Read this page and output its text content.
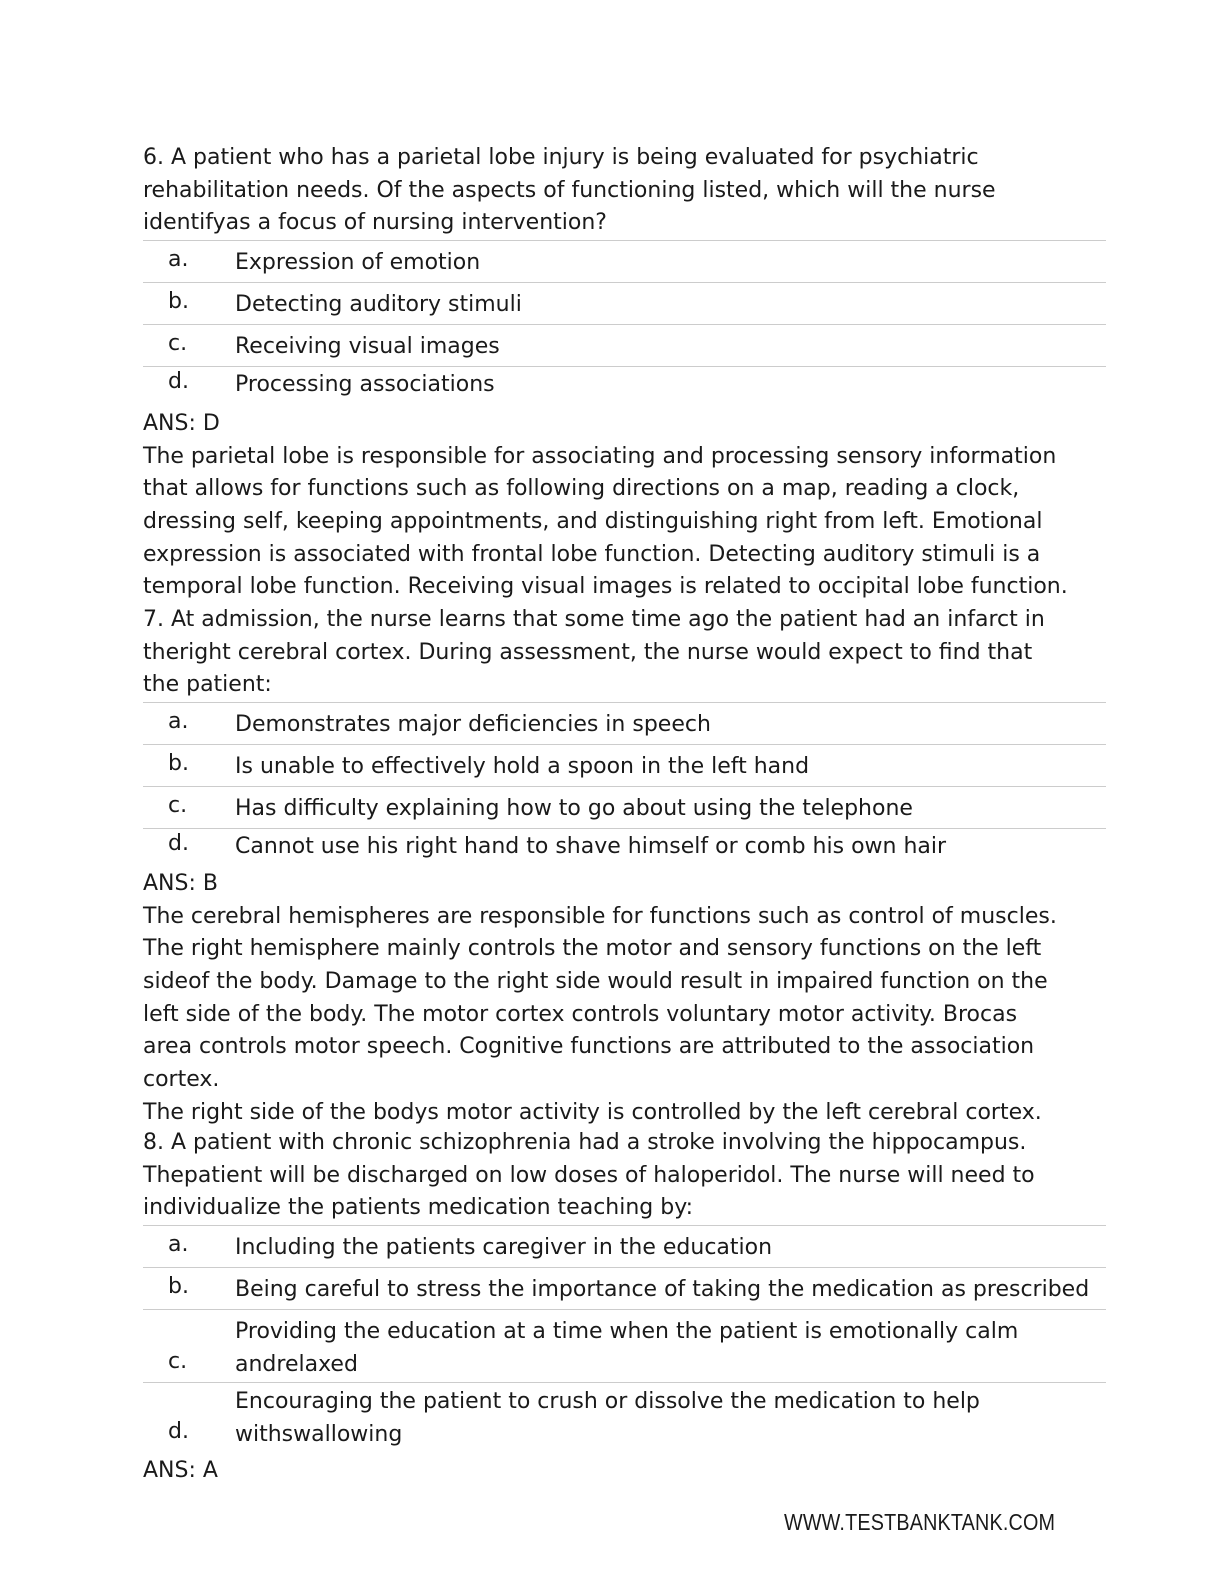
6. A patient who has a parietal lobe injury is being evaluated for psychiatric
rehabilitation needs. Of the aspects of functioning listed, which will the nurse
identifyas a focus of nursing intervention?
a. Expression of emotion
b. Detecting auditory stimuli
c. Receiving visual images
d. Processing associations
ANS: D
The parietal lobe is responsible for associating and processing sensory information
that allows for functions such as following directions on a map, reading a clock,
dressing self, keeping appointments, and distinguishing right from left. Emotional
expression is associated with frontal lobe function. Detecting auditory stimuli is a
temporal lobe function. Receiving visual images is related to occipital lobe function.
7. At admission, the nurse learns that some time ago the patient had an infarct in
theright cerebral cortex. During assessment, the nurse would expect to find that
the patient:
a. Demonstrates major deficiencies in speech
b. Is unable to effectively hold a spoon in the left hand
c. Has difficulty explaining how to go about using the telephone
d. Cannot use his right hand to shave himself or comb his own hair
ANS: B
The cerebral hemispheres are responsible for functions such as control of muscles.
The right hemisphere mainly controls the motor and sensory functions on the left
sideof the body. Damage to the right side would result in impaired function on the
left side of the body. The motor cortex controls voluntary motor activity. Brocas
area controls motor speech. Cognitive functions are attributed to the association
cortex.
The right side of the bodys motor activity is controlled by the left cerebral cortex.
8. A patient with chronic schizophrenia had a stroke involving the hippocampus.
Thepatient will be discharged on low doses of haloperidol. The nurse will need to
individualize the patients medication teaching by:
a. Including the patients caregiver in the education
b. Being careful to stress the importance of taking the medication as prescribed
c.
Providing the education at a time when the patient is emotionally calm
andrelaxed
d.
Encouraging the patient to crush or dissolve the medication to help
withswallowing
ANS: A
WWW.TESTBANKTANK.COM
